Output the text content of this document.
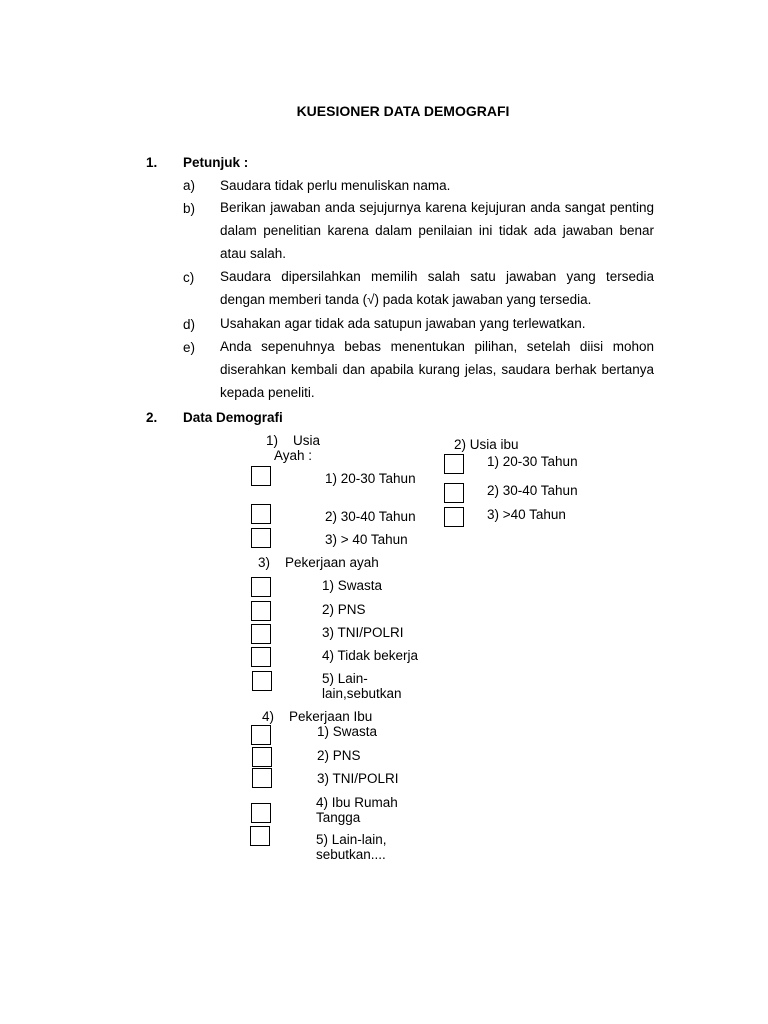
KUESIONER DATA DEMOGRAFI
1. Petunjuk :
a) Saudara tidak perlu menuliskan nama.
b) Berikan jawaban anda sejujurnya karena kejujuran anda sangat penting dalam penelitian karena dalam penilaian ini tidak ada jawaban benar atau salah.
c) Saudara dipersilahkan memilih salah satu jawaban yang tersedia dengan memberi tanda (√) pada kotak jawaban yang tersedia.
d) Usahakan agar tidak ada satupun jawaban yang terlewatkan.
e) Anda sepenuhnya bebas menentukan pilihan, setelah diisi mohon diserahkan kembali dan apabila kurang jelas, saudara berhak bertanya kepada peneliti.
2. Data Demografi
1) Usia
Ayah :
1) 20-30 Tahun
2) 30-40 Tahun
3) > 40 Tahun
2) Usia ibu
1) 20-30 Tahun
2) 30-40 Tahun
3) >40 Tahun
3) Pekerjaan ayah
1) Swasta
2) PNS
3) TNI/POLRI
4) Tidak bekerja
5) Lain-lain,sebutkan
4) Pekerjaan Ibu
1) Swasta
2) PNS
3) TNI/POLRI
4) Ibu Rumah Tangga
5) Lain-lain, sebutkan....
